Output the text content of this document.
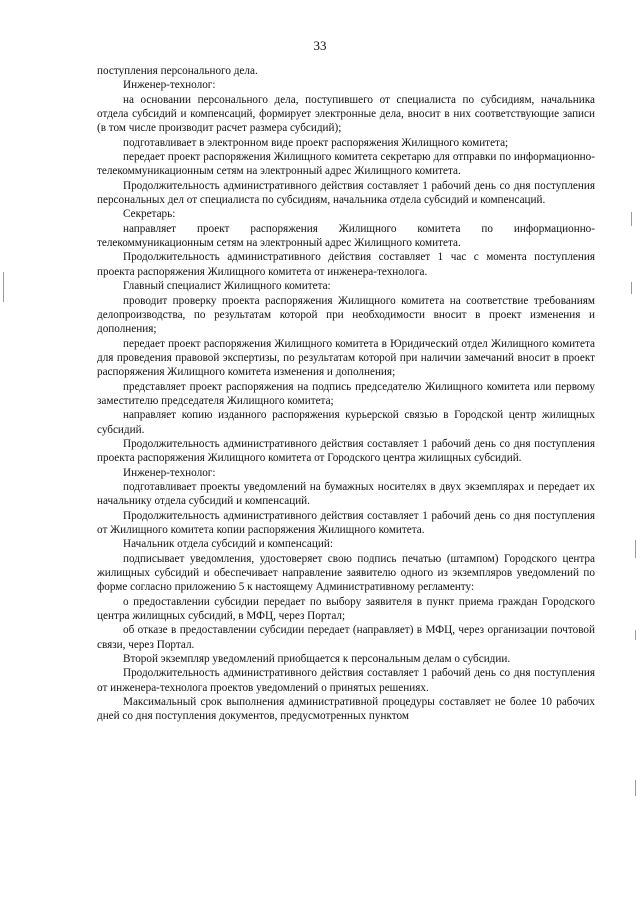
33

поступления персонального дела.

Инженер-технолог:

на основании персонального дела, поступившего от специалиста по субсидиям, начальника отдела субсидий и компенсаций, формирует электронные дела, вносит в них соответствующие записи (в том числе производит расчет размера субсидий);

подготавливает в электронном виде проект распоряжения Жилищного комитета;

передает проект распоряжения Жилищного комитета секретарю для отправки по информационно-телекоммуникационным сетям на электронный адрес Жилищного комитета.

Продолжительность административного действия составляет 1 рабочий день со дня поступления персональных дел от специалиста по субсидиям, начальника отдела субсидий и компенсаций.

Секретарь:

направляет проект распоряжения Жилищного комитета по информационно-телекоммуникационным сетям на электронный адрес Жилищного комитета.

Продолжительность административного действия составляет 1 час с момента поступления проекта распоряжения Жилищного комитета от инженера-технолога.

Главный специалист Жилищного комитета:

проводит проверку проекта распоряжения Жилищного комитета на соответствие требованиям делопроизводства, по результатам которой при необходимости вносит в проект изменения и дополнения;

передает проект распоряжения Жилищного комитета в Юридический отдел Жилищного комитета для проведения правовой экспертизы, по результатам которой при наличии замечаний вносит в проект распоряжения Жилищного комитета изменения и дополнения;

представляет проект распоряжения на подпись председателю Жилищного комитета или первому заместителю председателя Жилищного комитета;

направляет копию изданного распоряжения курьерской связью в Городской центр жилищных субсидий.

Продолжительность административного действия составляет 1 рабочий день со дня поступления проекта распоряжения Жилищного комитета от Городского центра жилищных субсидий.

Инженер-технолог:

подготавливает проекты уведомлений на бумажных носителях в двух экземплярах и передает их начальнику отдела субсидий и компенсаций.

Продолжительность административного действия составляет 1 рабочий день со дня поступления от Жилищного комитета копии распоряжения Жилищного комитета.

Начальник отдела субсидий и компенсаций:

подписывает уведомления, удостоверяет свою подпись печатью (штампом) Городского центра жилищных субсидий и обеспечивает направление заявителю одного из экземпляров уведомлений по форме согласно приложению 5 к настоящему Административному регламенту:

о предоставлении субсидии передает по выбору заявителя в пункт приема граждан Городского центра жилищных субсидий, в МФЦ, через Портал;

об отказе в предоставлении субсидии передает (направляет) в МФЦ, через организации почтовой связи, через Портал.

Второй экземпляр уведомлений приобщается к персональным делам о субсидии.

Продолжительность административного действия составляет 1 рабочий день со дня поступления от инженера-технолога проектов уведомлений о принятых решениях.

Максимальный срок выполнения административной процедуры составляет не более 10 рабочих дней со дня поступления документов, предусмотренных пунктом
